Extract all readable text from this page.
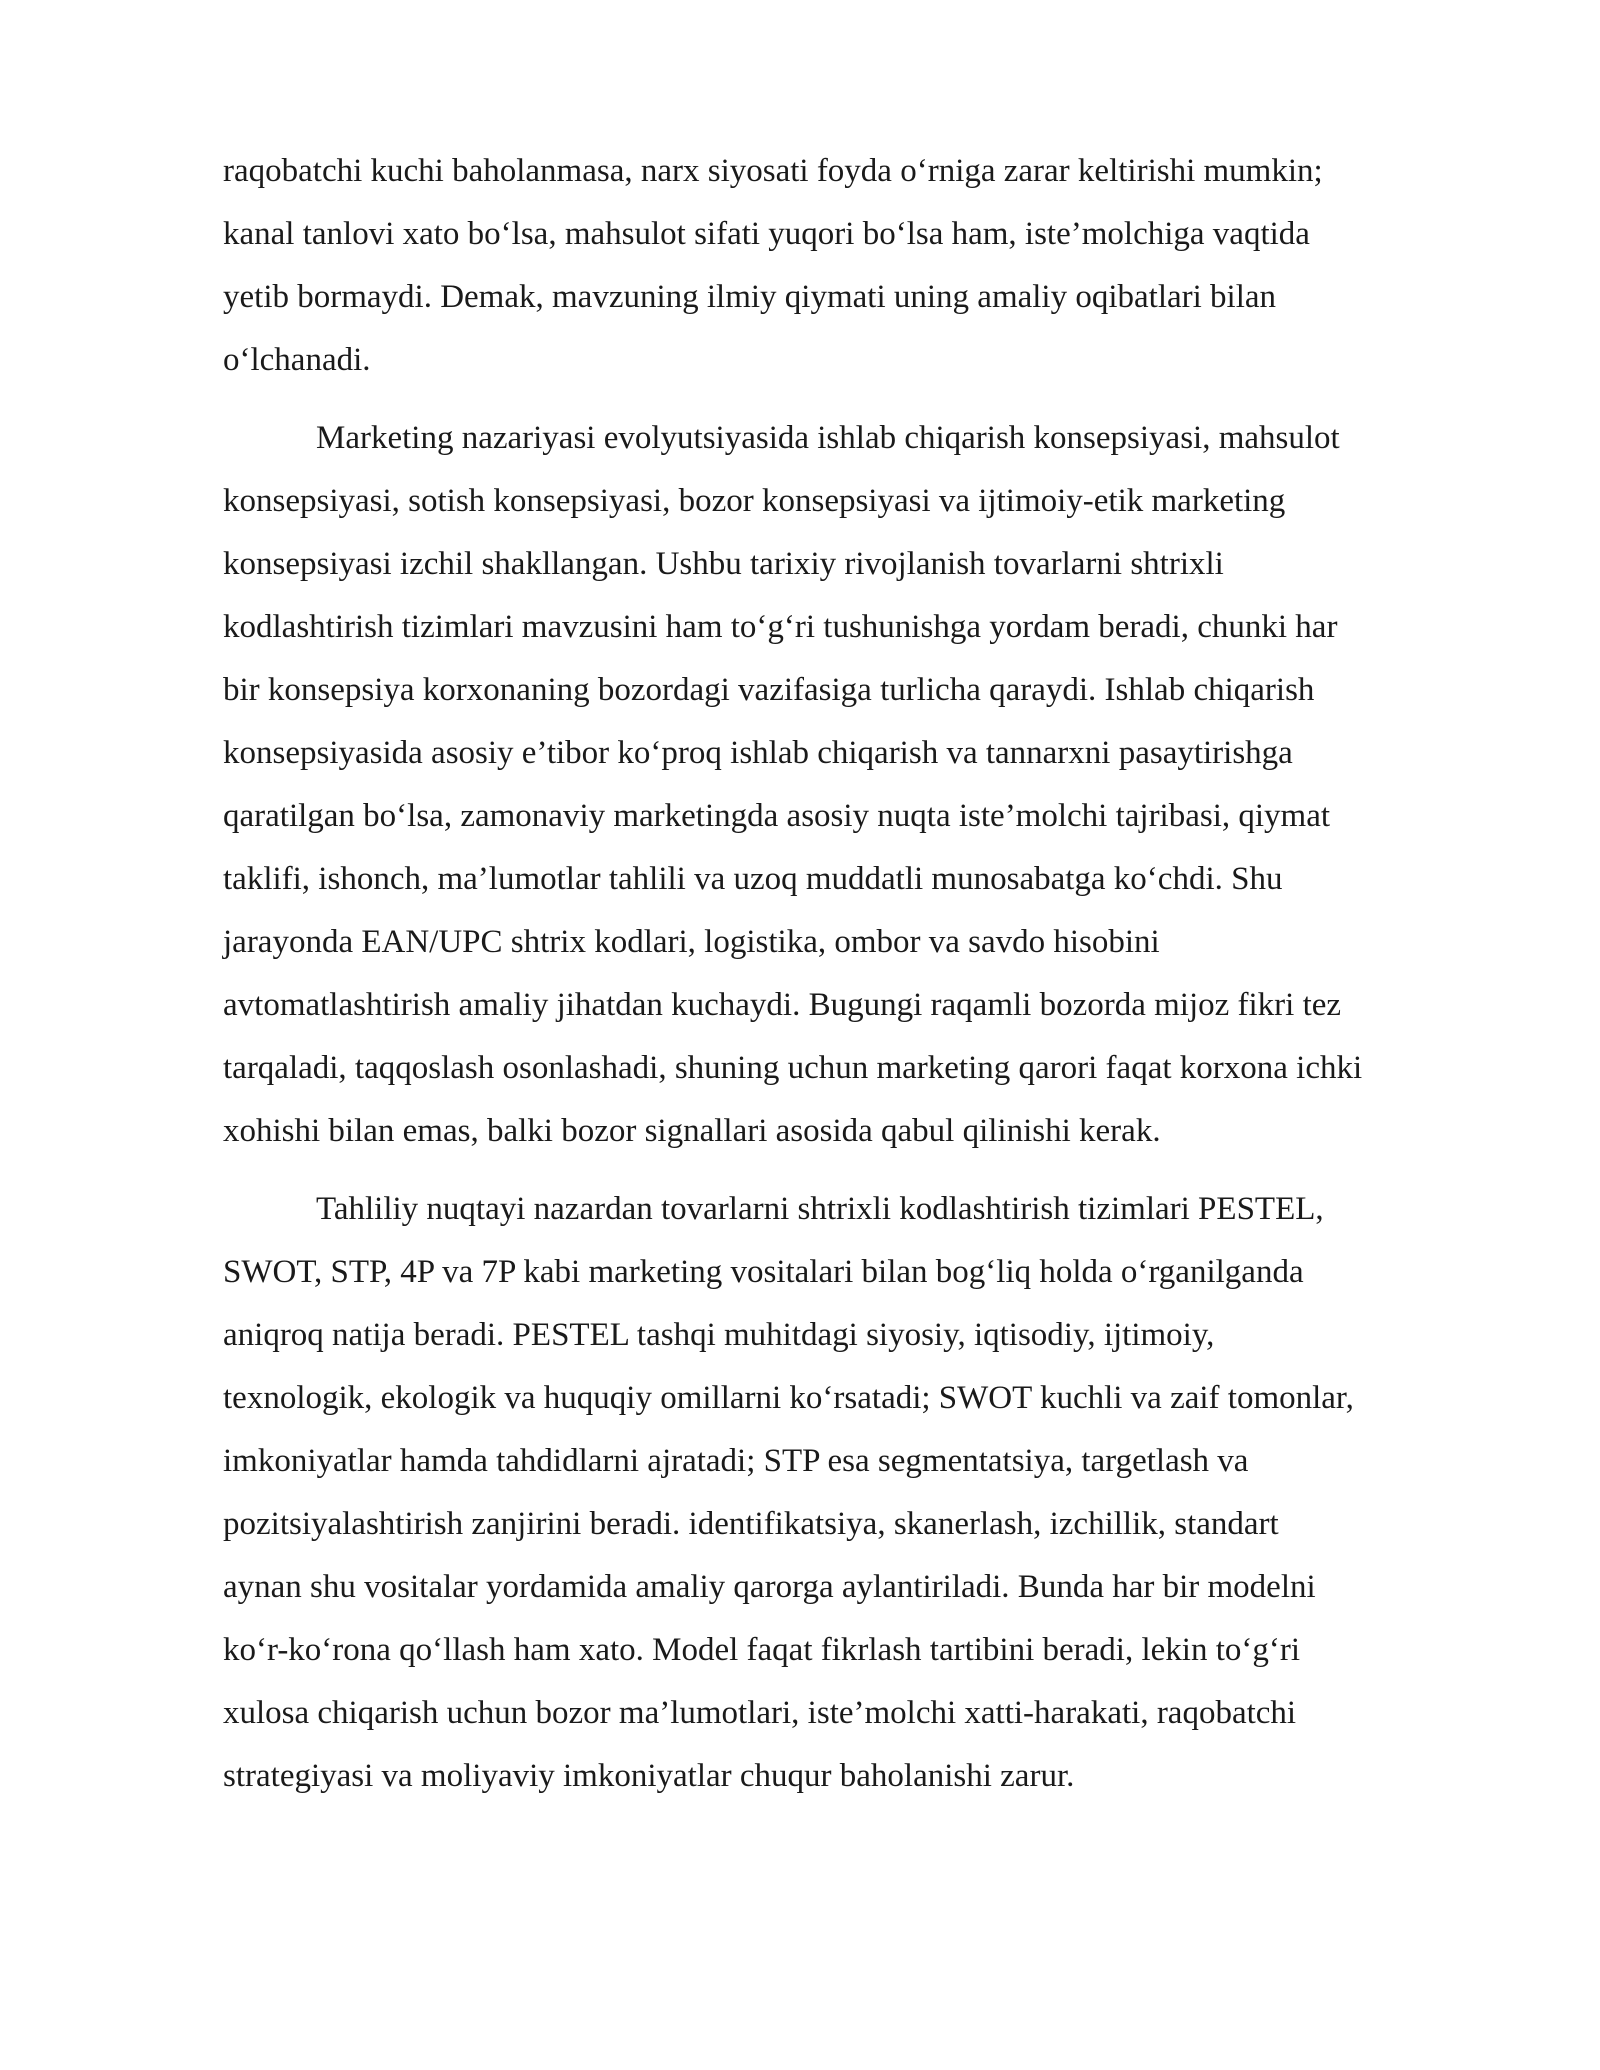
raqobatchi kuchi baholanmasa, narx siyosati foyda o‘rniga zarar keltirishi mumkin;
kanal tanlovi xato bo‘lsa, mahsulot sifati yuqori bo‘lsa ham, iste’molchiga vaqtida
yetib bormaydi. Demak, mavzuning ilmiy qiymati uning amaliy oqibatlari bilan
o‘lchanadi.
Marketing nazariyasi evolyutsiyasida ishlab chiqarish konsepsiyasi, mahsulot
konsepsiyasi, sotish konsepsiyasi, bozor konsepsiyasi va ijtimoiy-etik marketing
konsepsiyasi izchil shakllangan. Ushbu tarixiy rivojlanish tovarlarni shtrixli
kodlashtirish tizimlari mavzusini ham to‘g‘ri tushunishga yordam beradi, chunki har
bir konsepsiya korxonaning bozordagi vazifasiga turlicha qaraydi. Ishlab chiqarish
konsepsiyasida asosiy e’tibor ko‘proq ishlab chiqarish va tannarxni pasaytirishga
qaratilgan bo‘lsa, zamonaviy marketingda asosiy nuqta iste’molchi tajribasi, qiymat
taklifi, ishonch, ma’lumotlar tahlili va uzoq muddatli munosabatga ko‘chdi. Shu
jarayonda EAN/UPC shtrix kodlari, logistika, ombor va savdo hisobini
avtomatlashtirish amaliy jihatdan kuchaydi. Bugungi raqamli bozorda mijoz fikri tez
tarqaladi, taqqoslash osonlashadi, shuning uchun marketing qarori faqat korxona ichki
xohishi bilan emas, balki bozor signallari asosida qabul qilinishi kerak.
Tahliliy nuqtayi nazardan tovarlarni shtrixli kodlashtirish tizimlari PESTEL,
SWOT, STP, 4P va 7P kabi marketing vositalari bilan bog‘liq holda o‘rganilganda
aniqroq natija beradi. PESTEL tashqi muhitdagi siyosiy, iqtisodiy, ijtimoiy,
texnologik, ekologik va huquqiy omillarni ko‘rsatadi; SWOT kuchli va zaif tomonlar,
imkoniyatlar hamda tahdidlarni ajratadi; STP esa segmentatsiya, targetlash va
pozitsiyalashtirish zanjirini beradi. identifikatsiya, skanerlash, izchillik, standart
aynan shu vositalar yordamida amaliy qarorga aylantiriladi. Bunda har bir modelni
ko‘r-ko‘rona qo‘llash ham xato. Model faqat fikrlash tartibini beradi, lekin to‘g‘ri
xulosa chiqarish uchun bozor ma’lumotlari, iste’molchi xatti-harakati, raqobatchi
strategiyasi va moliyaviy imkoniyatlar chuqur baholanishi zarur.
